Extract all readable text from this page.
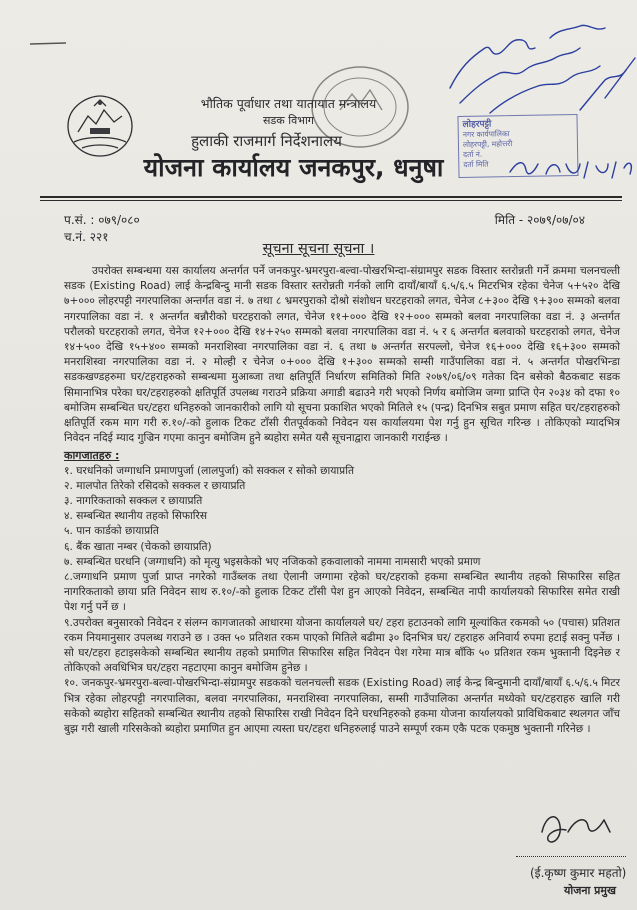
भौतिक पूर्वाधार तथा यातायात मन्त्रालय
सडक विभाग
हुलाकी राजमार्ग निर्देशनालय
योजना कार्यालय जनकपुर, धनुषा
लोहरपट्टी
नगर कार्यपालिका
लोहरपट्टी, महोत्तरी
दर्ता नं.
दर्ता मिति
प.सं. : ०७९/०८०
च.नं. २२१
मिति - २०७९/०७/०४
सूचना सूचना सूचना ।

उपरोक्त सम्बन्धमा यस कार्यालय अन्तर्गत पर्ने जनकपुर-भ्रमरपुरा-बल्वा-पोखरभिन्दा-संग्रामपुर सडक विस्तार स्तरोन्नती गर्ने क्रममा चलनचल्ती सडक (Existing Road) लाई केन्द्रबिन्दु मानी सडक विस्तार स्तरोन्नती गर्नको लागि दायाँ/बायाँ ६.५/६.५ मिटरभित्र रहेका चेनेज ५+५२० देखि ७+००० लोहरपट्टी नगरपालिका अन्तर्गत वडा नं. ७ तथा ८ भ्रमरपुराको दोश्रो संशोधन घरटहराको लगत, चेनेज ८+३०० देखि ९+३०० सम्मको बलवा नगरपालिका वडा नं. १ अन्तर्गत बन्नौरीको घरटहराको लगत, चेनेज ११+००० देखि १२+००० सम्मको बलवा नगरपालिका वडा नं. ३ अन्तर्गत परौलको घरटहराको लगत, चेनेज १२+००० देखि १४+२५० सम्मको बलवा नगरपालिका वडा नं. ५ र ६ अन्तर्गत बलवाको घरटहराको लगत, चेनेज १४+५०० देखि १५+४०० सम्मको मनराशिस्वा नगरपालिका वडा नं. ६ तथा ७ अन्तर्गत सरपल्लो, चेनेज १६+००० देखि १६+३०० सम्मको मनराशिस्वा नगरपालिका वडा नं. २ मोल्ही र चेनेज ०+००० देखि १+३०० सम्मको सम्सी गाउँपालिका वडा नं. ५ अन्तर्गत पोखरभिन्डा सडकखण्डहरुमा घर/टहराहरुको सम्बन्धमा मुआब्जा तथा क्षतिपूर्ति निर्धारण समितिको मिति २०७९/०६/०९ गतेका दिन बसेको बैठकबाट सडक सिमानाभित्र परेका घर/टहराहरुको क्षतिपूर्ति उपलब्ध गराउने प्रक्रिया अगाडी बढाउने गरी भएको निर्णय बमोजिम जग्गा प्राप्ति ऐन २०३४ को दफा १० बमोजिम सम्बन्धित घर/टहरा धनिहरुको जानकारीको लागि यो सूचना प्रकाशित भएको मितिले १५ (पन्द्र) दिनभित्र सबुत प्रमाण सहित घर/टहराहरुको क्षतिपूर्ति रकम माग गरी रु.१०/-को हुलाक टिकट टाँसी रीतपूर्वकको निवेदन यस कार्यालयमा पेश गर्नु हुन सूचित गरिन्छ । तोकिएको म्यादभित्र निवेदन नदिई म्याद गुज्रिन गएमा कानुन बमोजिम हुने ब्यहोरा समेत यसै सूचनाद्वारा जानकारी गराईन्छ ।

कागजातहरु :
१. घरधनिको जग्गाधनि प्रमाणपुर्जा (लालपुर्जा) को सक्कल र सोको छायाप्रति
२. मालपोत तिरेको रसिदको सक्कल र छायाप्रति
३. नागरिकताको सक्कल र छायाप्रति
४. सम्बन्धित स्थानीय तहको सिफारिस
५. पान कार्डको छायाप्रति
६. बैंक खाता नम्बर (चेकको छायाप्रति)
७. सम्बन्धित घरधनि (जग्गाधनि) को मृत्यु भइसकेको भए नजिकको हकवालाको नाममा नामसारी भएको प्रमाण
८.जग्गाधनि प्रमाण पुर्जा प्राप्त नगरेको गाउँब्लक तथा ऐलानी जग्गामा रहेको घर/टहराको हकमा सम्बन्धित स्थानीय तहको सिफारिस सहित नागरिकताको छाया प्रति निवेदन साथ रु.१०/-को हुलाक टिकट टाँसी पेश हुन आएको निवेदन, सम्बन्धित नापी कार्यालयको सिफारिस समेत राखी पेश गर्नु पर्ने छ ।
९.उपरोक्त बनुसारको निवेदन र संलग्न कागजातको आधारमा योजना कार्यालयले घर/ टहरा हटाउनको लागि मूल्यांकित रकमको ५० (पचास) प्रतिशत रकम नियमानुसार उपलब्ध गराउने छ । उक्त ५० प्रतिशत रकम पाएको मितिले बढीमा ३० दिनभित्र घर/ टहराहरु अनिवार्य रुपमा हटाई सक्नु पर्नेछ । सो घर/टहरा हटाइसकेको सम्बन्धित स्थानीय तहको प्रमाणित सिफारिस सहित निवेदन पेश गरेमा मात्र बाँकि ५० प्रतिशत रकम भुक्तानी दिइनेछ र तोकिएको अवधिभित्र घर/टहरा नहटाएमा कानुन बमोजिम हुनेछ ।
१०. जनकपुर-भ्रमरपुरा-बल्वा-पोखरभिन्दा-संग्रामपुर सडकको चलनचल्ती सडक (Existing Road) लाई केन्द्र बिन्दुमानी दायाँ/बायाँ ६.५/६.५ मिटर भित्र रहेका लोहरपट्टी नगरपालिका, बलवा नगरपालिका, मनराशिस्वा नगरपालिका, सम्सी गाउँपालिका अन्तर्गत मध्येको घर/टहराहरु खालि गरी सकेको ब्यहोरा सहितको सम्बन्धित स्थानीय तहको सिफारिस राखी निवेदन दिने घरधनिहरुको हकमा योजना कार्यालयको प्राविधिकबाट स्थलगत जाँच बुझ गरी खाली गरिसकेको ब्यहोरा प्रमाणित हुन आएमा त्यस्ता घर/टहरा धनिहरुलाई पाउने सम्पूर्ण रकम एकै पटक एकमुष्ठ भुक्तानी गरिनेछ ।
(ई.कृष्ण कुमार महतो)
योजना प्रमुख
